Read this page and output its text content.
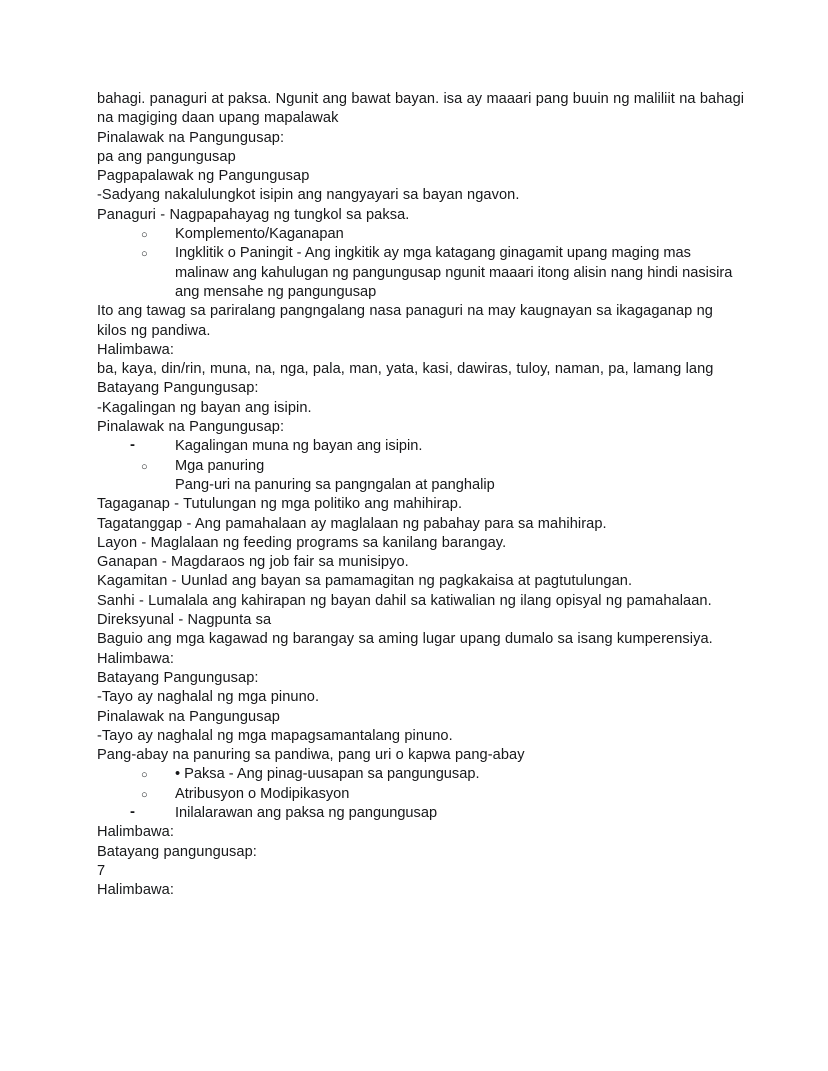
bahagi. panaguri at paksa. Ngunit ang bawat bayan. isa ay maaari pang buuin ng maliliit na bahagi na magiging daan upang mapalawak
Pinalawak na Pangungusap:
pa ang pangungusap
Pagpapalawak ng Pangungusap
-Sadyang nakalulungkot isipin ang nangyayari sa bayan ngavon.
Panaguri - Nagpapahayag ng tungkol sa paksa.
○ Komplemento/Kaganapan
○ Ingklitik o Paningit - Ang ingkitik ay mga katagang ginagamit upang maging mas malinaw ang kahulugan ng pangungusap ngunit maaari itong alisin nang hindi nasisira ang mensahe ng pangungusap
Ito ang tawag sa pariralang pangngalang nasa panaguri na may kaugnayan sa ikagaganap ng kilos ng pandiwa.
Halimbawa:
ba, kaya, din/rin, muna, na, nga, pala, man, yata, kasi, dawiras, tuloy, naman, pa, lamang lang
Batayang Pangungusap:
-Kagalingan ng bayan ang isipin.
Pinalawak na Pangungusap:
-	Kagalingan muna ng bayan ang isipin.
○ Mga panuring
Pang-uri na panuring sa pangngalan at panghalip
Tagaganap - Tutulungan ng mga politiko ang mahihirap.
Tagatanggap - Ang pamahalaan ay maglalaan ng pabahay para sa mahihirap.
Layon - Maglalaan ng feeding programs sa kanilang barangay.
Ganapan - Magdaraos ng job fair sa munisipyo.
Kagamitan - Uunlad ang bayan sa pamamagitan ng pagkakaisa at pagtutulungan.
Sanhi - Lumalala ang kahirapan ng bayan dahil sa katiwalian ng ilang opisyal ng pamahalaan.
Direksyunal - Nagpunta sa
Baguio ang mga kagawad ng barangay sa aming lugar upang dumalo sa isang kumperensiya.
Halimbawa:
Batayang Pangungusap:
-Tayo ay naghalal ng mga pinuno.
Pinalawak na Pangungusap
-Tayo ay naghalal ng mga mapagsamantalang pinuno.
Pang-abay na panuring sa pandiwa, pang uri o kapwa pang-abay
○ • Paksa - Ang pinag-uusapan sa pangungusap.
○ Atribusyon o Modipikasyon
-	Inilalarawan ang paksa ng pangungusap
Halimbawa:
Batayang pangungusap:
7
Halimbawa:
